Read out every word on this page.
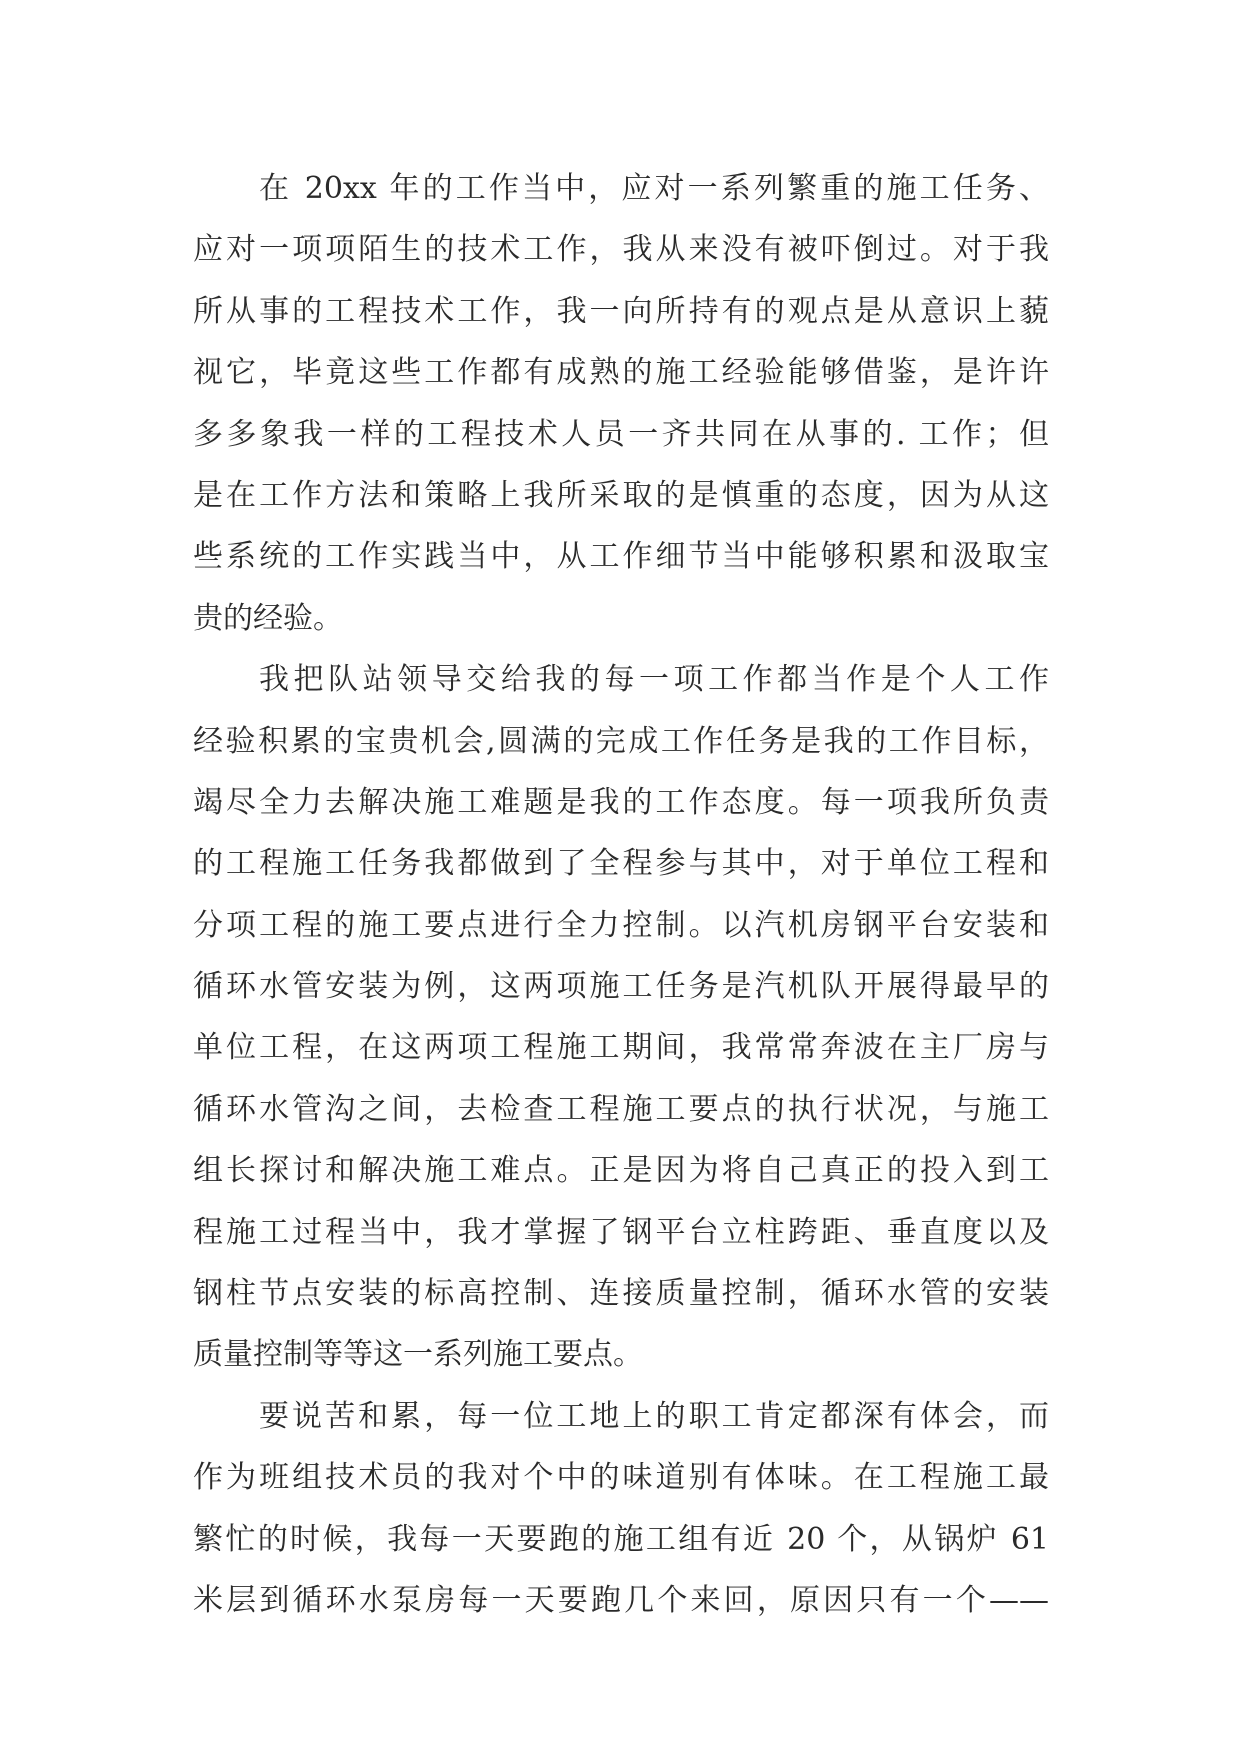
在 20xx 年的工作当中，应对一系列繁重的施工任务、
应对一项项陌生的技术工作，我从来没有被吓倒过。对于我
所从事的工程技术工作，我一向所持有的观点是从意识上藐
视它，毕竟这些工作都有成熟的施工经验能够借鉴，是许许
多多象我一样的工程技术人员一齐共同在从事的. 工作；但
是在工作方法和策略上我所采取的是慎重的态度，因为从这
些系统的工作实践当中，从工作细节当中能够积累和汲取宝
贵的经验。
我把队站领导交给我的每一项工作都当作是个人工作
经验积累的宝贵机会,圆满的完成工作任务是我的工作目标，
竭尽全力去解决施工难题是我的工作态度。每一项我所负责
的工程施工任务我都做到了全程参与其中，对于单位工程和
分项工程的施工要点进行全力控制。以汽机房钢平台安装和
循环水管安装为例，这两项施工任务是汽机队开展得最早的
单位工程，在这两项工程施工期间，我常常奔波在主厂房与
循环水管沟之间，去检查工程施工要点的执行状况，与施工
组长探讨和解决施工难点。正是因为将自己真正的投入到工
程施工过程当中，我才掌握了钢平台立柱跨距、垂直度以及
钢柱节点安装的标高控制、连接质量控制，循环水管的安装
质量控制等等这一系列施工要点。
要说苦和累，每一位工地上的职工肯定都深有体会，而
作为班组技术员的我对个中的味道别有体味。在工程施工最
繁忙的时候，我每一天要跑的施工组有近 20 个，从锅炉 61
米层到循环水泵房每一天要跑几个来回，原因只有一个——
